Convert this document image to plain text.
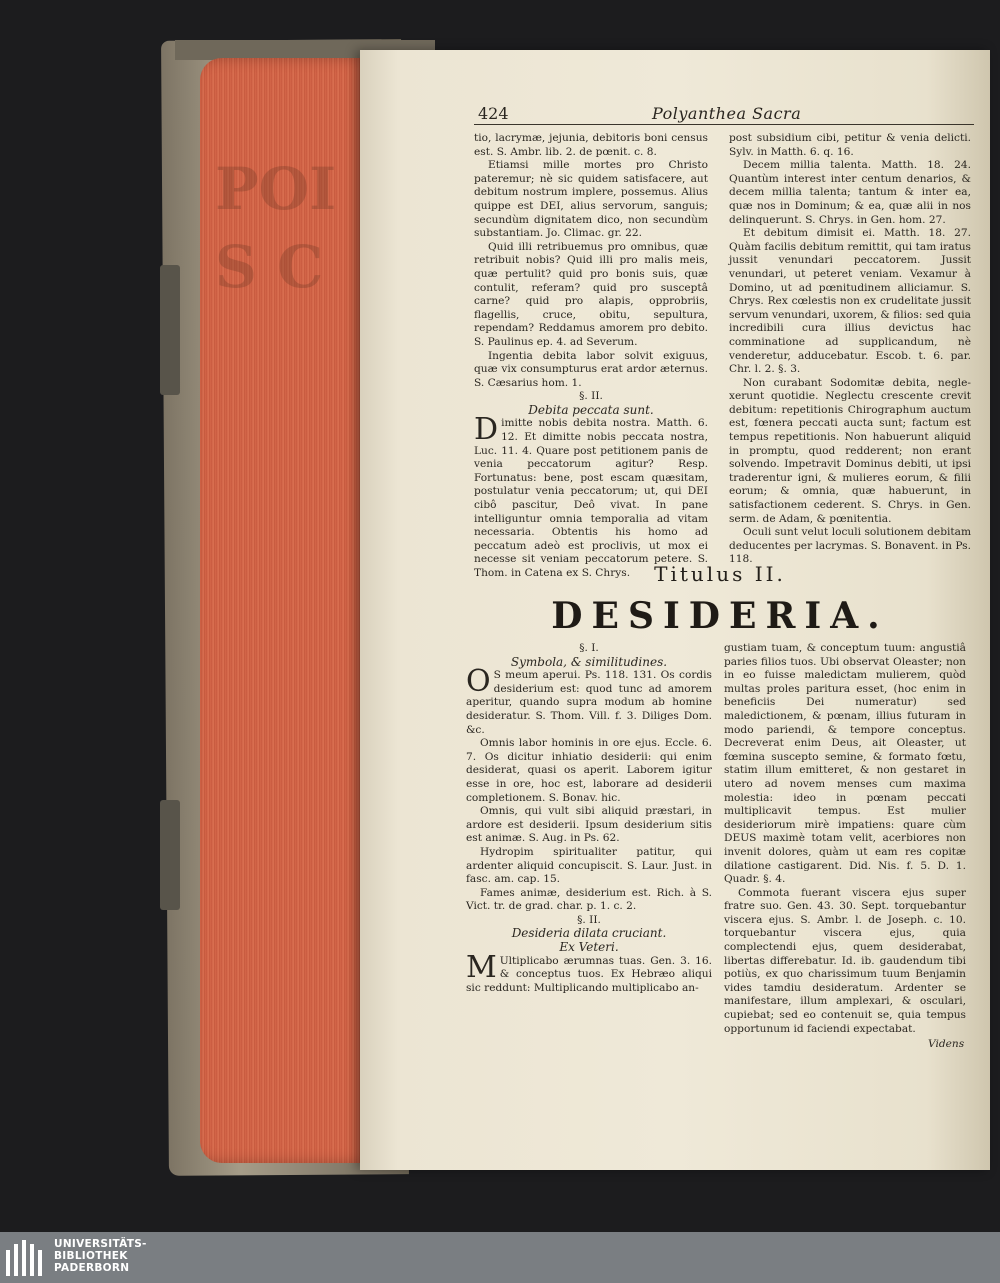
POI S C
424	Polyanthea Sacra

tio, lacrymæ, jejunia, debitoris boni census est. S. Ambr. lib. 2. de pœnit. c. 8.

Etiamsi mille mortes pro Christo pateremur; nè sic quidem satisfacere, aut debitum nostrum implere, possemus. Alius quippe est DEI, alius servorum, sanguis; secundùm dignitatem dico, non secundùm substantiam. Jo. Climac. gr. 22.

Quid illi retribuemus pro omnibus, quæ retribuit nobis? Quid illi pro malis meis, quæ pertulit? quid pro bonis suis, quæ contulit, referam? quid pro susceptâ carne? quid pro alapis, opprobriis, flagellis, cruce, obitu, sepultura, rependam? Reddamus amorem pro debito. S. Paulinus ep. 4. ad Severum.

Ingentia debita labor solvit exiguus, quæ vix consumpturus erat ardor æternus. S. Cæsarius hom. 1.

§. II.

Debita peccata sunt.

Dimitte nobis debita nostra. Matth. 6. 12. Et dimitte nobis peccata nostra, Luc. 11. 4. Quare post petitionem panis de venia peccatorum agitur? Resp. Fortunatus: bene, post escam quæsitam, postulatur venia peccatorum; ut, qui DEI cibô pascitur, Deô vivat. In pane intelliguntur omnia temporalia ad vitam necessaria. Obtentis his homo ad peccatum adeò est proclivis, ut mox ei necesse sit veniam peccatorum petere. S. Thom. in Catena ex S. Chrys.

post subsidium cibi, petitur & venia delicti. Sylv. in Matth. 6. q. 16.

Decem millia talenta. Matth. 18. 24. Quantùm interest inter centum denarios, & decem millia talenta; tantum & inter ea, quæ nos in Dominum; & ea, quæ alii in nos delinquerunt. S. Chrys. in Gen. hom. 27.

Et debitum dimisit ei. Matth. 18. 27. Quàm facilis debitum remittit, qui tam iratus jussit venundari peccatorem. Jussit venundari, ut peteret veniam. Vexamur à Domino, ut ad pœnitudinem alliciamur. S. Chrys. Rex cœlestis non ex crudelitate jussit servum venundari, uxorem, & filios: sed quia incredibili cura illius devictus hac comminatione ad supplicandum, nè venderetur, adducebatur. Escob. t. 6. par. Chr. l. 2. §. 3.

Non curabant Sodomitæ debita, negle-xerunt quotidie. Neglectu crescente crevit debitum: repetitionis Chirographum auctum est, fœnera peccati aucta sunt; factum est tempus repetitionis. Non habuerunt aliquid in promptu, quod redderent; non erant solvendo. Impetravit Dominus debiti, ut ipsi traderentur igni, & mulieres eorum, & filii eorum; & omnia, quæ habuerunt, in satisfactionem cederent. S. Chrys. in Gen. serm. de Adam, & pœnitentia.

Oculi sunt velut loculi solutionem debitam deducentes per lacrymas. S. Bonavent. in Ps. 118.

Titulus II.
DESIDERIA.

§. I.

Symbola, & similitudines.

O S meum aperui. Ps. 118. 131. Os cordis desiderium est: quod tunc ad amorem aperitur, quando supra modum ab homine desideratur. S. Thom. Vill. f. 3. Diliges Dom. &c.

Omnis labor hominis in ore ejus. Eccle. 6. 7. Os dicitur inhiatio desiderii: qui enim desiderat, quasi os aperit. Laborem igitur esse in ore, hoc est, laborare ad desiderii completionem. S. Bonav. hic.

Omnis, qui vult sibi aliquid præstari, in ardore est desiderii. Ipsum desiderium sitis est animæ. S. Aug. in Ps. 62.

Hydropim spiritualiter patitur, qui ardenter aliquid concupiscit. S. Laur. Just. in fasc. am. cap. 15.

Fames animæ, desiderium est. Rich. à S. Vict. tr. de grad. char. p. 1. c. 2.

§. II.

Desideria dilata cruciant.

Ex Veteri.

M Ultiplicabo ærumnas tuas. Gen. 3. 16. & conceptus tuos. Ex Hebræo aliqui sic reddunt: Multiplicando multiplicabo an-

gustiam tuam, & conceptum tuum: angustiâ paries filios tuos. Ubi observat Oleaster; non in eo fuisse maledictam mulierem, quòd multas proles paritura esset, (hoc enim in beneficiis Dei numeratur) sed maledictionem, & pœnam, illius futuram in modo pariendi, & tempore conceptus. Decreverat enim Deus, ait Oleaster, ut fœmina suscepto semine, & formato fœtu, statim illum emitteret, & non gestaret in utero ad novem menses cum maxima molestia: ideo in pœnam peccati multiplicavit tempus. Est mulier desideriorum mirè impatiens: quare cùm DEUS maximè totam velit, acerbiores non invenit dolores, quàm ut eam res copitæ dilatione castigarent. Did. Nis. f. 5. D. 1. Quadr. §. 4.

Commota fuerant viscera ejus super fratre suo. Gen. 43. 30. Sept. torquebantur viscera ejus. S. Ambr. l. de Joseph. c. 10. torquebantur viscera ejus, quia complectendi ejus, quem desiderabat, libertas differebatur. Id. ib. gaudendum tibi potiùs, ex quo charissimum tuum Benjamin vides tamdiu desideratum. Ardenter se manifestare, illum amplexari, & osculari, cupiebat; sed eo contenuit se, quia tempus opportunum id faciendi expectabat.

Videns
UNIVERSITÄTS-
BIBLIOTHEK
PADERBORN
